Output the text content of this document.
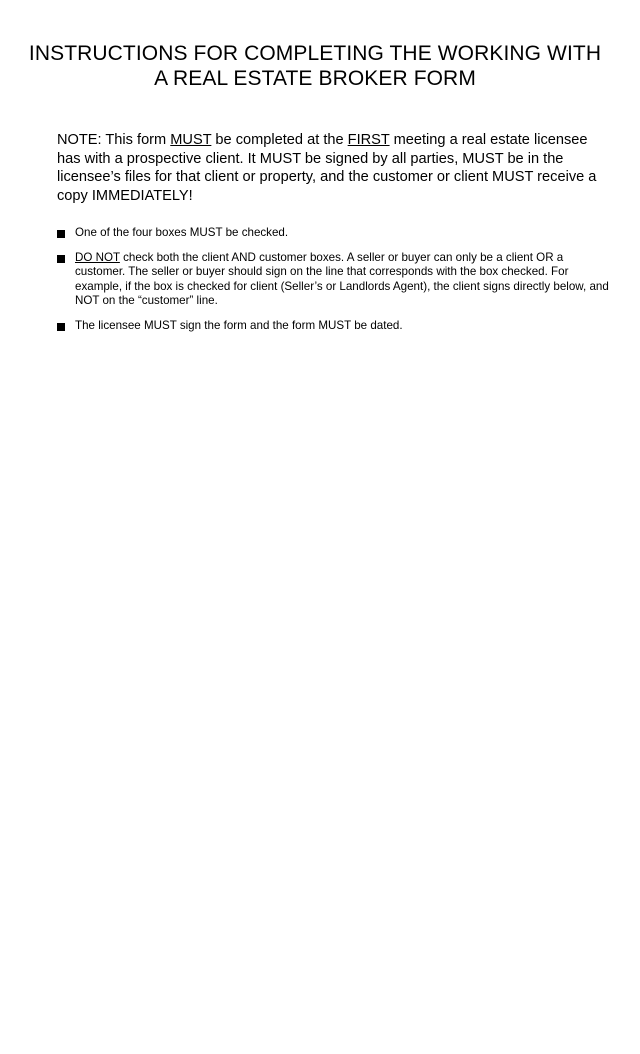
INSTRUCTIONS FOR COMPLETING THE WORKING WITH
A REAL ESTATE BROKER FORM

NOTE: This form MUST be completed at the FIRST meeting a real estate licensee has with a prospective client. It MUST be signed by all parties, MUST be in the licensee’s files for that client or property, and the customer or client MUST receive a copy IMMEDIATELY!

One of the four boxes MUST be checked.
DO NOT check both the client AND customer boxes. A seller or buyer can only be a client OR a customer. The seller or buyer should sign on the line that corresponds with the box checked. For example, if the box is checked for client (Seller’s or Landlords Agent), the client signs directly below, and NOT on the “customer” line.
The licensee MUST sign the form and the form MUST be dated.
